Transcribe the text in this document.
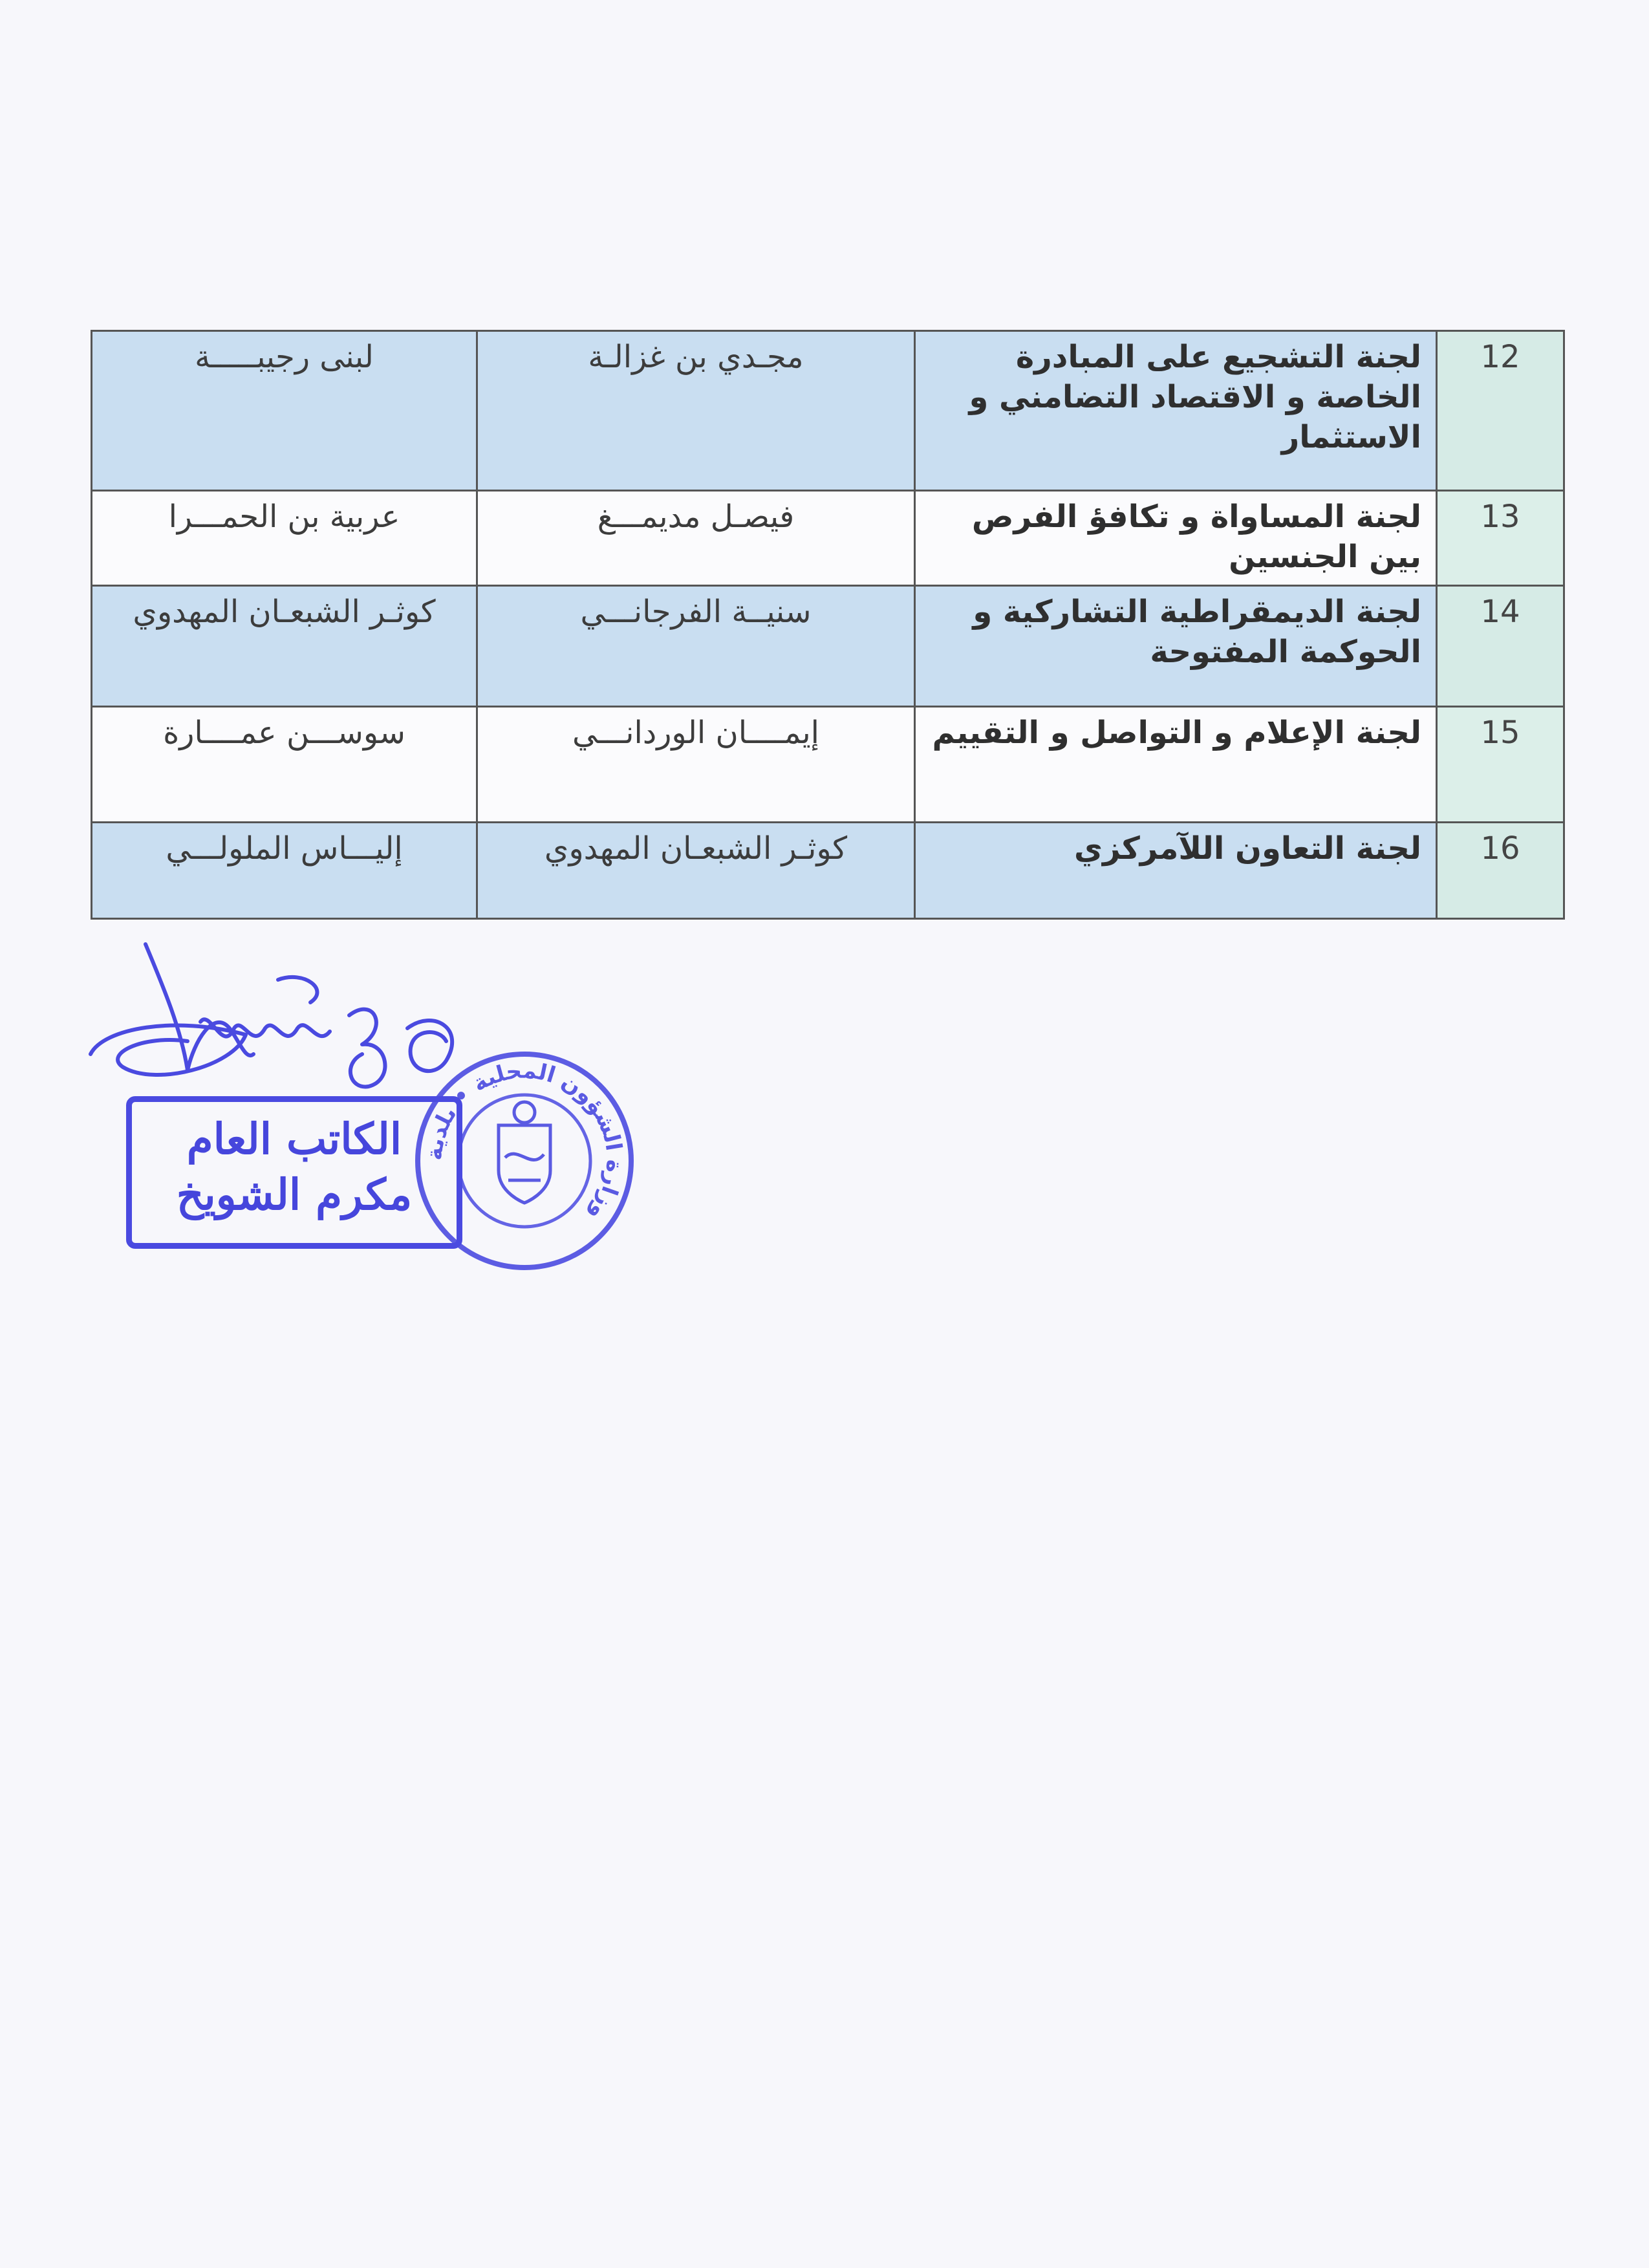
12	لجنة التشجيع على المبادرة الخاصة و الاقتصاد التضامني و الاستثمار	مجـدي بن غزالـة	لبنى رجيبـــــة
13	لجنة المساواة و تكافؤ الفرص بين الجنسين	فيصـل مديمـــغ	عربية بن الحمـــرا
14	لجنة الديمقراطية التشاركية و الحوكمة المفتوحة	سنيــة الفرجانـــي	كوثـر الشبعـان المهدوي
15	لجنة الإعلام و التواصل و التقييم	إيمــــان الوردانـــي	سوســـن عمــــارة
16	لجنة التعاون اللآمركزي	كوثـر الشبعـان المهدوي	إليـــاس الملولـــي
الكاتب العام
مكرم الشويخ
وزارة الشؤون المحلية • بلدية
